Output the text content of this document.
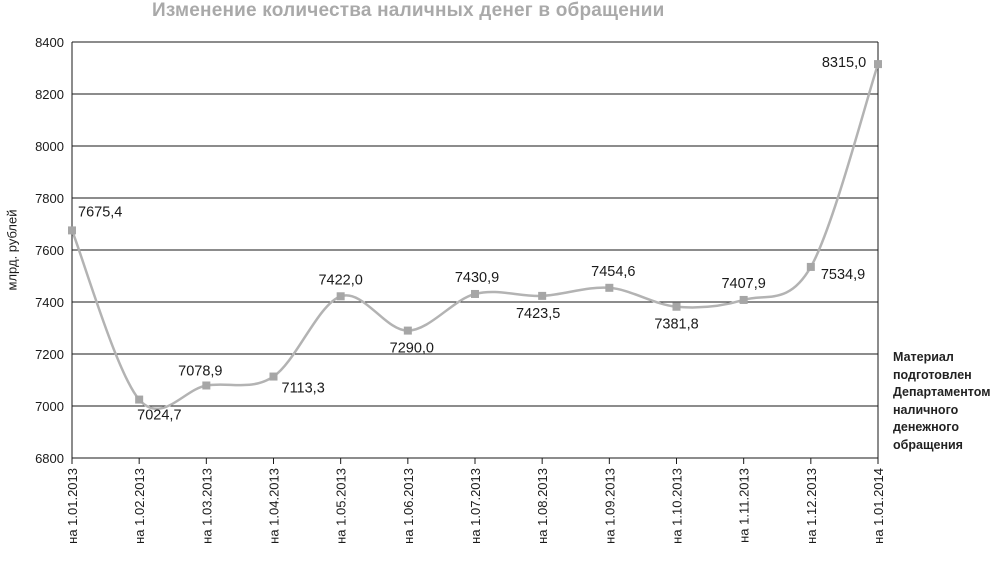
Изменение количества наличных денег в обращении
млрд. рублей
6800
7000
7200
7400
7600
7800
8000
8200
8400
на 1.01.2013	на 1.02.2013	на 1.03.2013	на 1.04.2013	на 1.05.2013	на 1.06.2013	на 1.07.2013	на 1.08.2013	на 1.09.2013	на 1.10.2013	на 1.11.2013	на 1.12.2013	на 1.01.2014
7675,4
7024,7
7078,9
7113,3
7422,0
7290,0
7430,9
7423,5
7454,6
7381,8
7407,9
7534,9
8315,0
Материал
подготовлен
Департаментом
наличного
денежного
обращения
